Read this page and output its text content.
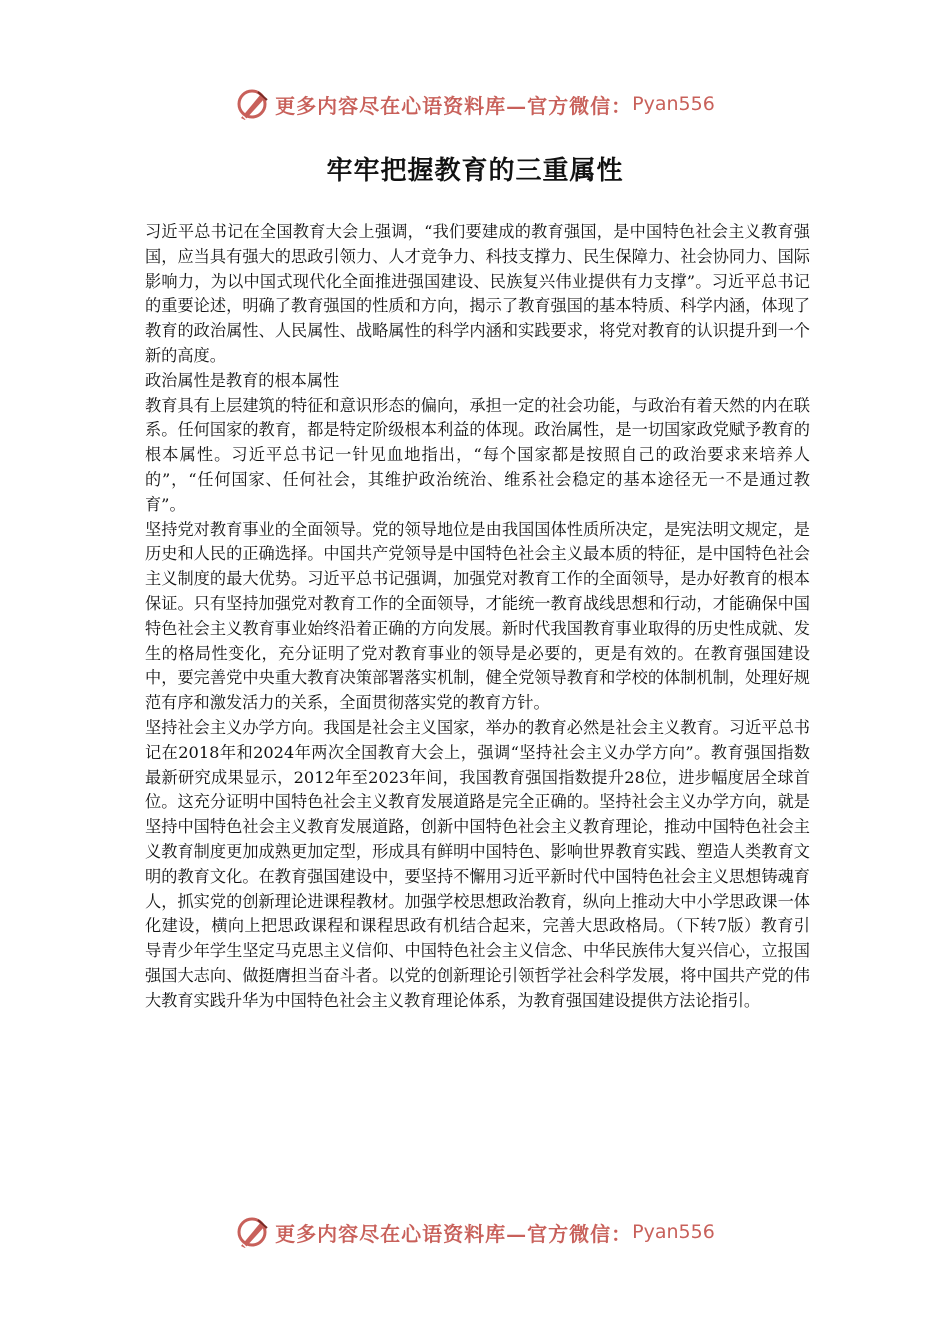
更多内容尽在心语资料库—官方微信： Pyan556
牢牢把握教育的三重属性

习近平总书记在全国教育大会上强调，“我们要建成的教育强国，是中国特色社会主义教育强国，应当具有强大的思政引领力、人才竞争力、科技支撑力、民生保障力、社会协同力、国际影响力，为以中国式现代化全面推进强国建设、民族复兴伟业提供有力支撑”。习近平总书记的重要论述，明确了教育强国的性质和方向，揭示了教育强国的基本特质、科学内涵，体现了教育的政治属性、人民属性、战略属性的科学内涵和实践要求，将党对教育的认识提升到一个新的高度。

政治属性是教育的根本属性

教育具有上层建筑的特征和意识形态的偏向，承担一定的社会功能，与政治有着天然的内在联系。任何国家的教育，都是特定阶级根本利益的体现。政治属性，是一切国家政党赋予教育的根本属性。习近平总书记一针见血地指出，“每个国家都是按照自己的政治要求来培养人的”，“任何国家、任何社会，其维护政治统治、维系社会稳定的基本途径无一不是通过教育”。

坚持党对教育事业的全面领导。党的领导地位是由我国国体性质所决定，是宪法明文规定，是历史和人民的正确选择。中国共产党领导是中国特色社会主义最本质的特征，是中国特色社会主义制度的最大优势。习近平总书记强调，加强党对教育工作的全面领导，是办好教育的根本保证。只有坚持加强党对教育工作的全面领导，才能统一教育战线思想和行动，才能确保中国特色社会主义教育事业始终沿着正确的方向发展。新时代我国教育事业取得的历史性成就、发生的格局性变化，充分证明了党对教育事业的领导是必要的，更是有效的。在教育强国建设中，要完善党中央重大教育决策部署落实机制，健全党领导教育和学校的体制机制，处理好规范有序和激发活力的关系，全面贯彻落实党的教育方针。

坚持社会主义办学方向。我国是社会主义国家，举办的教育必然是社会主义教育。习近平总书记在2018年和2024年两次全国教育大会上，强调“坚持社会主义办学方向”。教育强国指数最新研究成果显示，2012年至2023年间，我国教育强国指数提升28位，进步幅度居全球首位。这充分证明中国特色社会主义教育发展道路是完全正确的。坚持社会主义办学方向，就是坚持中国特色社会主义教育发展道路，创新中国特色社会主义教育理论，推动中国特色社会主义教育制度更加成熟更加定型，形成具有鲜明中国特色、影响世界教育实践、塑造人类教育文明的教育文化。在教育强国建设中，要坚持不懈用习近平新时代中国特色社会主义思想铸魂育人，抓实党的创新理论进课程教材。加强学校思想政治教育，纵向上推动大中小学思政课一体化建设，横向上把思政课程和课程思政有机结合起来，完善大思政格局。（下转7版）教育引导青少年学生坚定马克思主义信仰、中国特色社会主义信念、中华民族伟大复兴信心，立报国强国大志向、做挺膺担当奋斗者。以党的创新理论引领哲学社会科学发展，将中国共产党的伟大教育实践升华为中国特色社会主义教育理论体系，为教育强国建设提供方法论指引。

更多内容尽在心语资料库—官方微信： Pyan556
